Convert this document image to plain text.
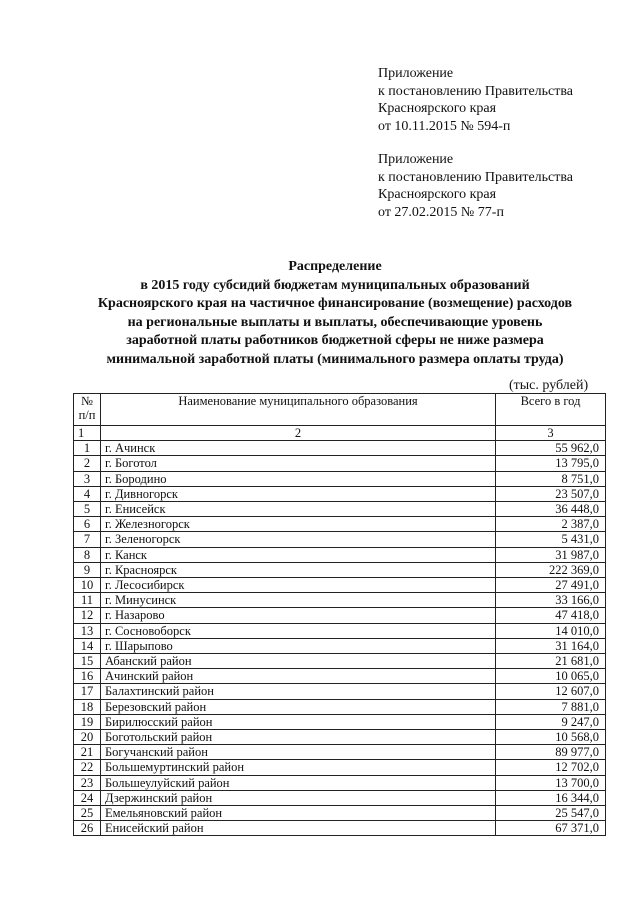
Приложение
к постановлению Правительства
Красноярского края
от 10.11.2015 № 594-п
Приложение
к постановлению Правительства
Красноярского края
от 27.02.2015 № 77-п
Распределение
в 2015 году субсидий бюджетам муниципальных образований
Красноярского края на частичное финансирование (возмещение) расходов
на региональные выплаты и выплаты, обеспечивающие уровень
заработной платы работников бюджетной сферы не ниже размера
минимальной заработной платы (минимального размера оплаты труда)
(тыс. рублей)
№
п/п	Наименование муниципального образования	Всего в год
1	2	3
1	г. Ачинск	55 962,0
2	г. Боготол	13 795,0
3	г. Бородино	8 751,0
4	г. Дивногорск	23 507,0
5	г. Енисейск	36 448,0
6	г. Железногорск	2 387,0
7	г. Зеленогорск	5 431,0
8	г. Канск	31 987,0
9	г. Красноярск	222 369,0
10	г. Лесосибирск	27 491,0
11	г. Минусинск	33 166,0
12	г. Назарово	47 418,0
13	г. Сосновоборск	14 010,0
14	г. Шарыпово	31 164,0
15	Абанский район	21 681,0
16	Ачинский район	10 065,0
17	Балахтинский район	12 607,0
18	Березовский район	7 881,0
19	Бирилюсский район	9 247,0
20	Боготольский район	10 568,0
21	Богучанский район	89 977,0
22	Большемуртинский район	12 702,0
23	Большеулуйский район	13 700,0
24	Дзержинский район	16 344,0
25	Емельяновский район	25 547,0
26	Енисейский район	67 371,0
